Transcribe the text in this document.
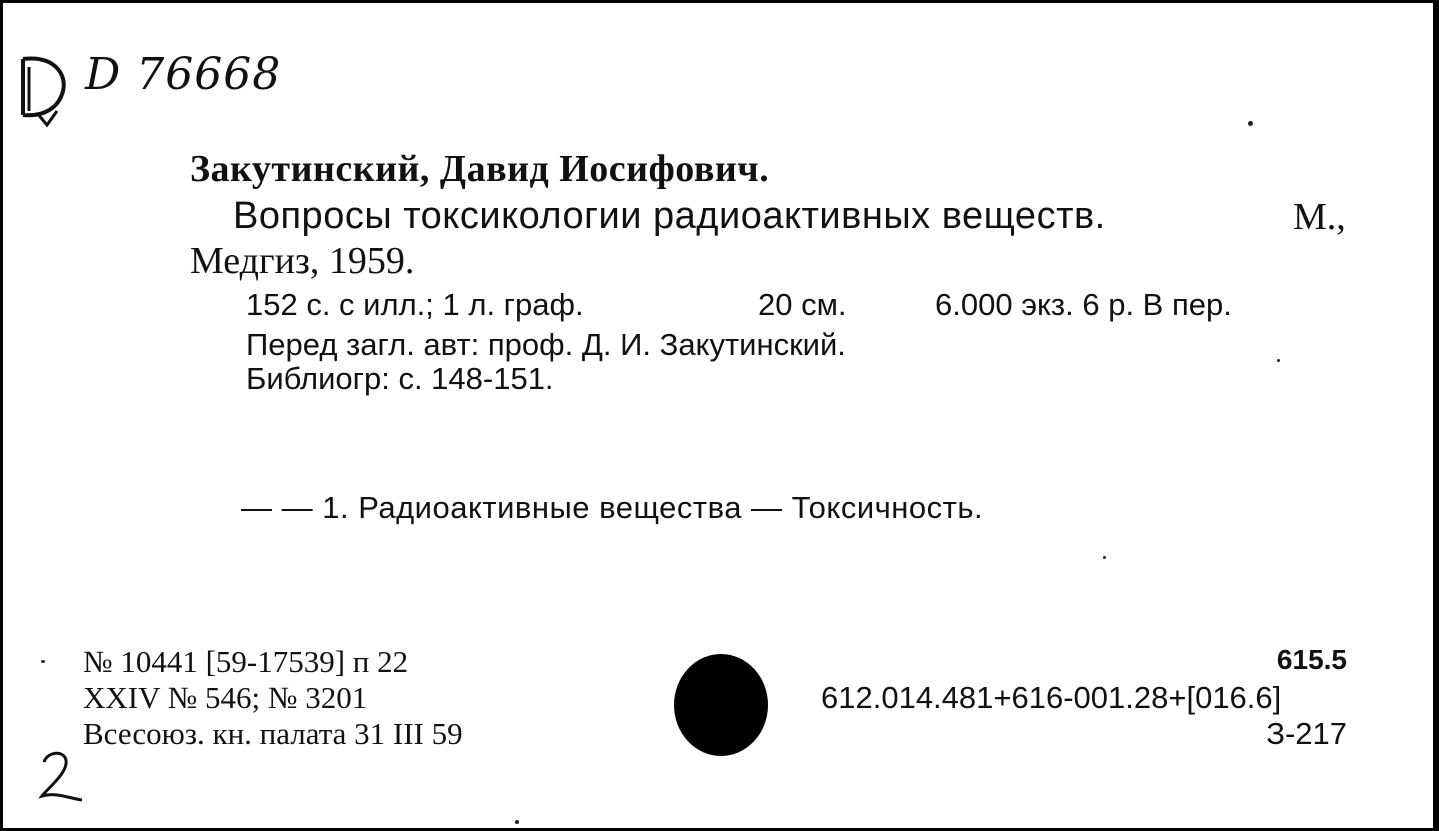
D 76668
Закутинский, Давид Иосифович.
Вопросы токсикологии радиоактивных веществ.	М.,
Медгиз, 1959.
152 с. с илл.; 1 л. граф.	20 см.	6.000 экз. 6 р. В пер.
Перед загл. авт: проф. Д. И. Закутинский.
Библиогр: с. 148-151.
— — 1. Радиоактивные вещества — Токсичность.
№ 10441 [59-17539] п 22
XXIV № 546; № 3201
Всесоюз. кн. палата 31 III 59
612.014.481+616-001.28+[016.6]
615.5
З-217
